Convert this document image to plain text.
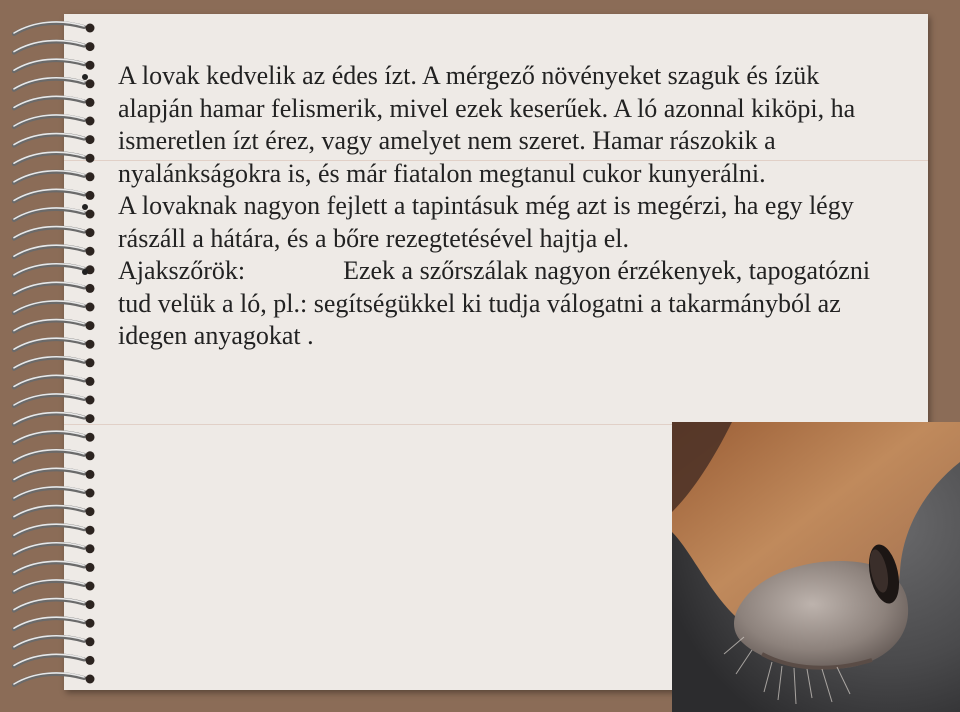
A lovak kedvelik az édes ízt. A mérgező növényeket szaguk és ízük alapján hamar felismerik, mivel ezek keserűek. A ló azonnal kiköpi, ha ismeretlen ízt érez, vagy amelyet nem szeret. Hamar rászokik a nyalánkságokra is, és már fiatalon megtanul cukor kunyerálni.
A lovaknak nagyon fejlett a tapintásuk még azt is megérzi, ha egy légy rászáll a hátára, és a bőre rezegtetésével hajtja el.
Ajakszőrök:	Ezek a szőrszálak nagyon érzékenyek, tapogatózni tud velük a ló, pl.: segítségükkel ki tudja válogatni a takarmányból az idegen anyagokat .
